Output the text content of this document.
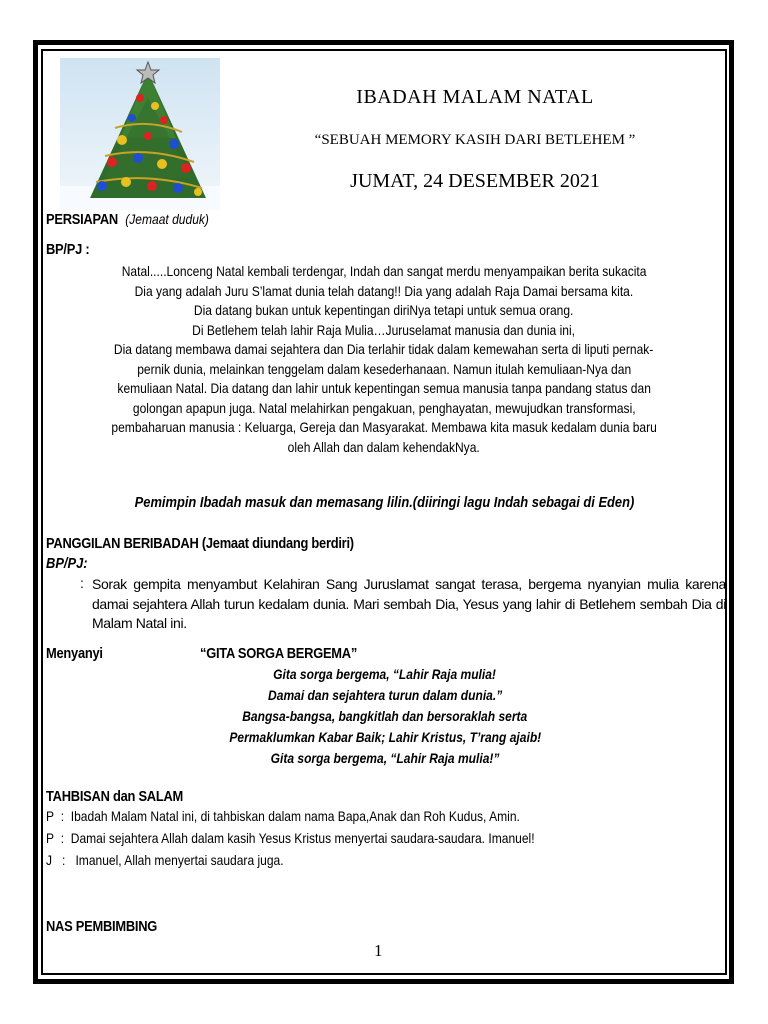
IBADAH MALAM NATAL
“SEBUAH MEMORY KASIH DARI BETLEHEM ”
JUMAT, 24 DESEMBER 2021
PERSIAPAN (Jemaat duduk)
BP/PJ :
Natal.....Lonceng Natal kembali terdengar, Indah dan sangat merdu menyampaikan berita sukacita
Dia yang adalah Juru S’lamat dunia telah datang!! Dia yang adalah Raja Damai bersama kita.
Dia datang bukan untuk kepentingan diriNya tetapi untuk semua orang.
Di Betlehem telah lahir Raja Mulia…Juruselamat manusia dan dunia ini,
Dia datang membawa damai sejahtera dan Dia terlahir tidak dalam kemewahan serta di liputi pernak-
pernik dunia, melainkan tenggelam dalam kesederhanaan. Namun itulah kemuliaan-Nya dan
kemuliaan Natal. Dia datang dan lahir untuk kepentingan semua manusia tanpa pandang status dan
golongan apapun juga. Natal melahirkan pengakuan, penghayatan, mewujudkan transformasi,
pembaharuan manusia : Keluarga, Gereja dan Masyarakat. Membawa kita masuk kedalam dunia baru
oleh Allah dan dalam kehendakNya.
Pemimpin Ibadah masuk dan memasang lilin.(diiringi lagu Indah sebagai di Eden)
PANGGILAN BERIBADAH (Jemaat diundang berdiri)
BP/PJ:
: Sorak gempita menyambut Kelahiran Sang Juruslamat sangat terasa, bergema nyanyian mulia karena damai sejahtera Allah turun kedalam dunia. Mari sembah Dia, Yesus yang lahir di Betlehem sembah Dia di Malam Natal ini.
Menyanyi	“GITA SORGA BERGEMA”
Gita sorga bergema, “Lahir Raja mulia!
Damai dan sejahtera turun dalam dunia.”
Bangsa-bangsa, bangkitlah dan bersoraklah serta
Permaklumkan Kabar Baik; Lahir Kristus, T’rang ajaib!
Gita sorga bergema, “Lahir Raja mulia!”
TAHBISAN dan SALAM
P  :  Ibadah Malam Natal ini, di tahbiskan dalam nama Bapa,Anak dan Roh Kudus, Amin.
P  :  Damai sejahtera Allah dalam kasih Yesus Kristus menyertai saudara-saudara. Imanuel!
J   :   Imanuel, Allah menyertai saudara juga.
NAS PEMBIMBING
1
